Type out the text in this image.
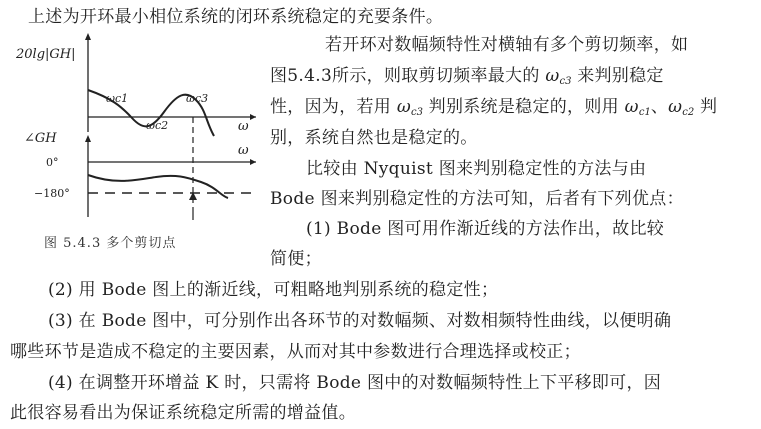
上述为开环最小相位系统的闭环系统稳定的充要条件。

20lg|GH|
ωc1
ωc2
ωc3
ω
∠GH
0°
−180°
ω
图 5.4.3 多个剪切点

若开环对数幅频特性对横轴有多个剪切频率，如

图5.4.3所示，则取剪切频率最大的 $\omega_{c3}$ 来判别稳定

性，因为，若用 $\omega_{c3}$ 判别系统是稳定的，则用 $\omega_{c1}$、$\omega_{c2}$ 判

别，系统自然也是稳定的。

比较由 Nyquist 图来判别稳定性的方法与由

Bode 图来判别稳定性的方法可知，后者有下列优点：

(1) Bode 图可用作渐近线的方法作出，故比较

简便；

(2) 用 Bode 图上的渐近线，可粗略地判别系统的稳定性；

(3) 在 Bode 图中，可分别作出各环节的对数幅频、对数相频特性曲线，以便明确

哪些环节是造成不稳定的主要因素，从而对其中参数进行合理选择或校正；

(4) 在调整开环增益 K 时，只需将 Bode 图中的对数幅频特性上下平移即可，因

此很容易看出为保证系统稳定所需的增益值。
